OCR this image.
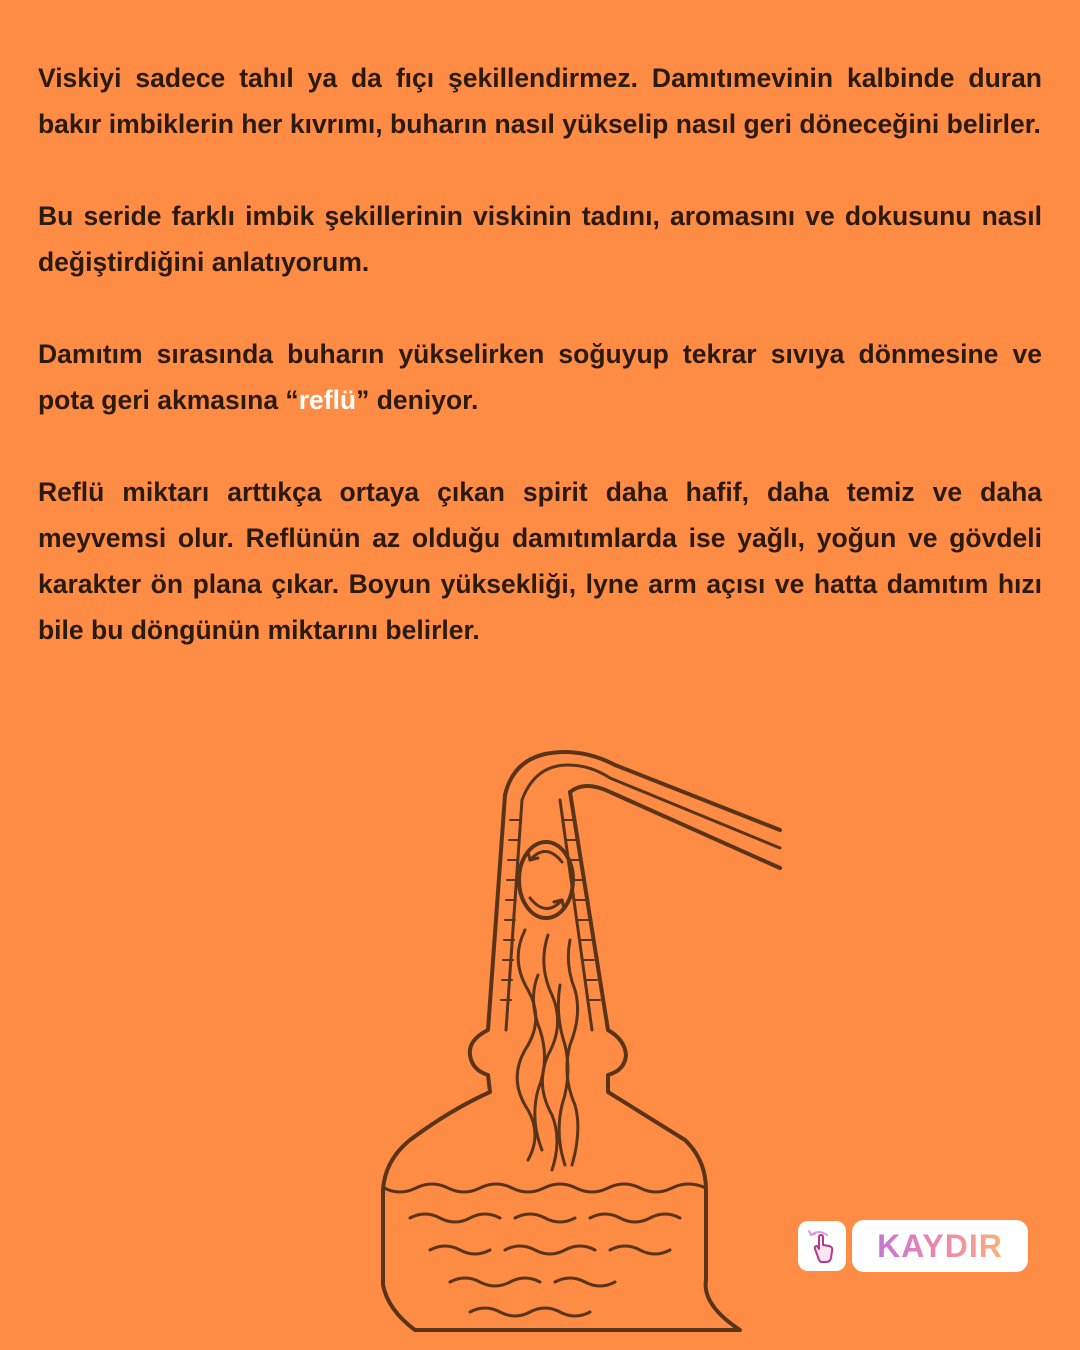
Viskiyi sadece tahıl ya da fıçı şekillendirmez. Damıtımevinin kalbinde duran bakır imbiklerin her kıvrımı, buharın nasıl yükselip nasıl geri döneceğini belirler.

Bu seride farklı imbik şekillerinin viskinin tadını, aromasını ve dokusunu nasıl değiştirdiğini anlatıyorum.

Damıtım sırasında buharın yükselirken soğuyup tekrar sıvıya dönmesine ve pota geri akmasına “reflü” deniyor.

Reflü miktarı arttıkça ortaya çıkan spirit daha hafif, daha temiz ve daha meyvemsi olur. Reflünün az olduğu damıtımlarda ise yağlı, yoğun ve gövdeli karakter ön plana çıkar. Boyun yüksekliği, lyne arm açısı ve hatta damıtım hızı bile bu döngünün miktarını belirler.

KAYDIR
